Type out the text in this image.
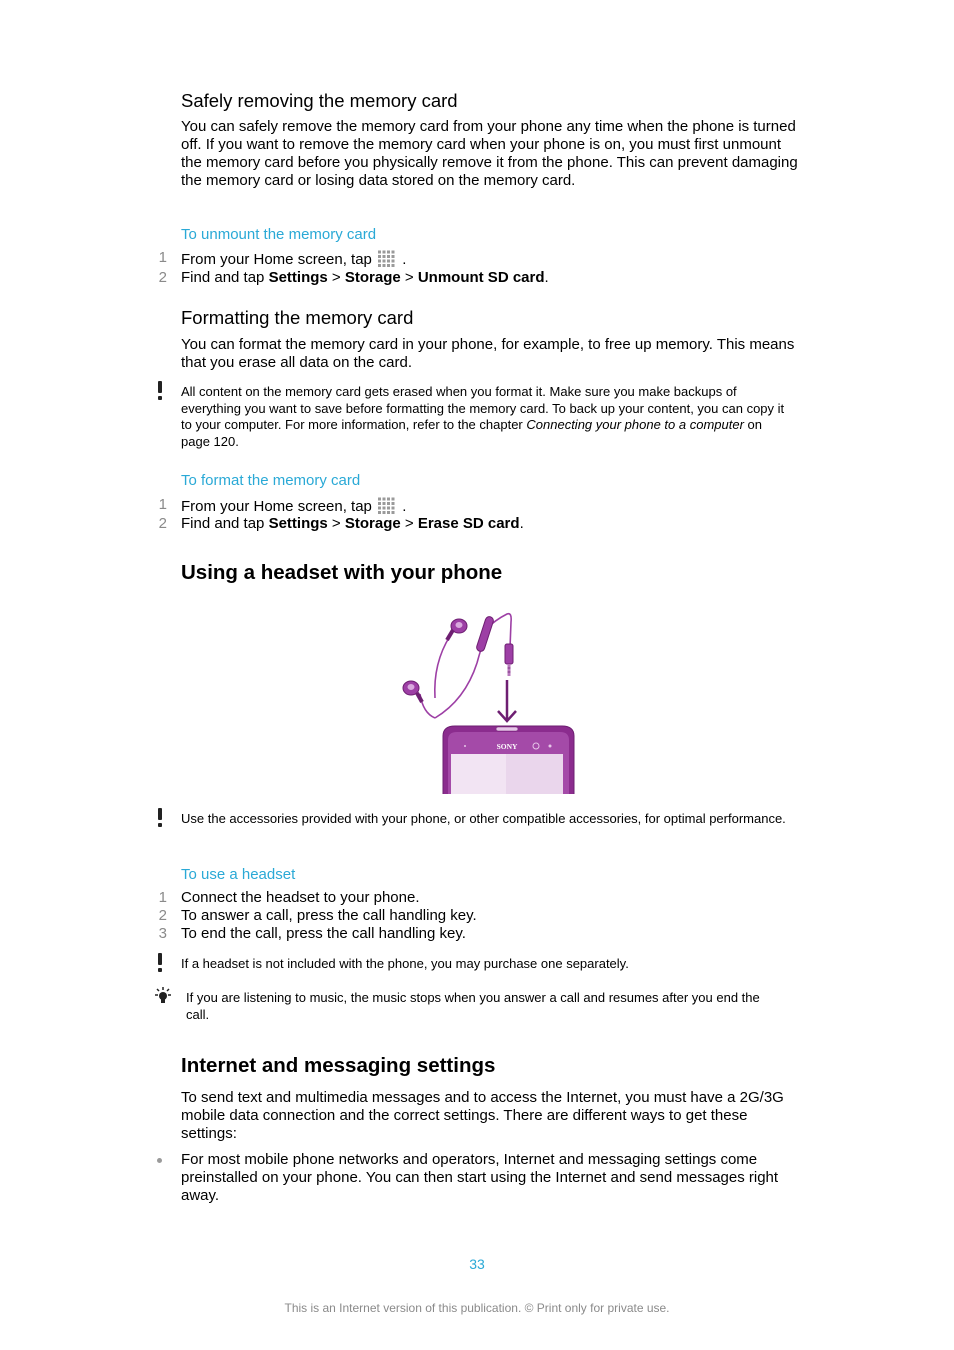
Safely removing the memory card
You can safely remove the memory card from your phone any time when the phone is turned off. If you want to remove the memory card when your phone is on, you must first unmount the memory card before you physically remove it from the phone. This can prevent damaging the memory card or losing data stored on the memory card.
To unmount the memory card
1 From your Home screen, tap .
2 Find and tap Settings > Storage > Unmount SD card.
Formatting the memory card
You can format the memory card in your phone, for example, to free up memory. This means that you erase all data on the card.
All content on the memory card gets erased when you format it. Make sure you make backups of everything you want to save before formatting the memory card. To back up your content, you can copy it to your computer. For more information, refer to the chapter Connecting your phone to a computer on page 120.
To format the memory card
1 From your Home screen, tap .
2 Find and tap Settings > Storage > Erase SD card.
Using a headset with your phone
SONY
Use the accessories provided with your phone, or other compatible accessories, for optimal performance.
To use a headset
1 Connect the headset to your phone.
2 To answer a call, press the call handling key.
3 To end the call, press the call handling key.
If a headset is not included with the phone, you may purchase one separately.
If you are listening to music, the music stops when you answer a call and resumes after you end the call.
Internet and messaging settings
To send text and multimedia messages and to access the Internet, you must have a 2G/3G mobile data connection and the correct settings. There are different ways to get these settings:
For most mobile phone networks and operators, Internet and messaging settings come preinstalled on your phone. You can then start using the Internet and send messages right away.
33
This is an Internet version of this publication. © Print only for private use.
